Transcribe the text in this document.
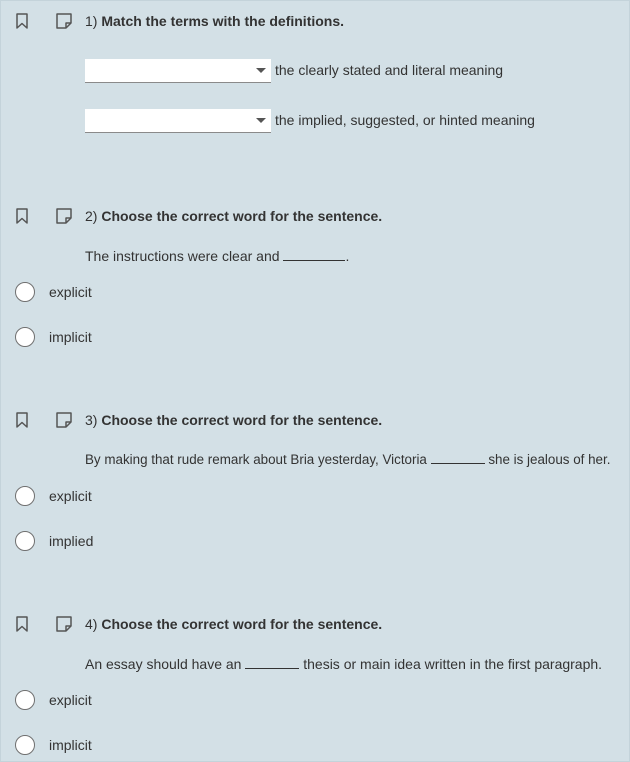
1) Match the terms with the definitions.
the clearly stated and literal meaning
the implied, suggested, or hinted meaning
2) Choose the correct word for the sentence.
The instructions were clear and	.
explicit
implicit
3) Choose the correct word for the sentence.
By making that rude remark about Bria yesterday, Victoria	she is jealous of her.
explicit
implied
4) Choose the correct word for the sentence.
An essay should have an	thesis or main idea written in the first paragraph.
explicit
implicit
